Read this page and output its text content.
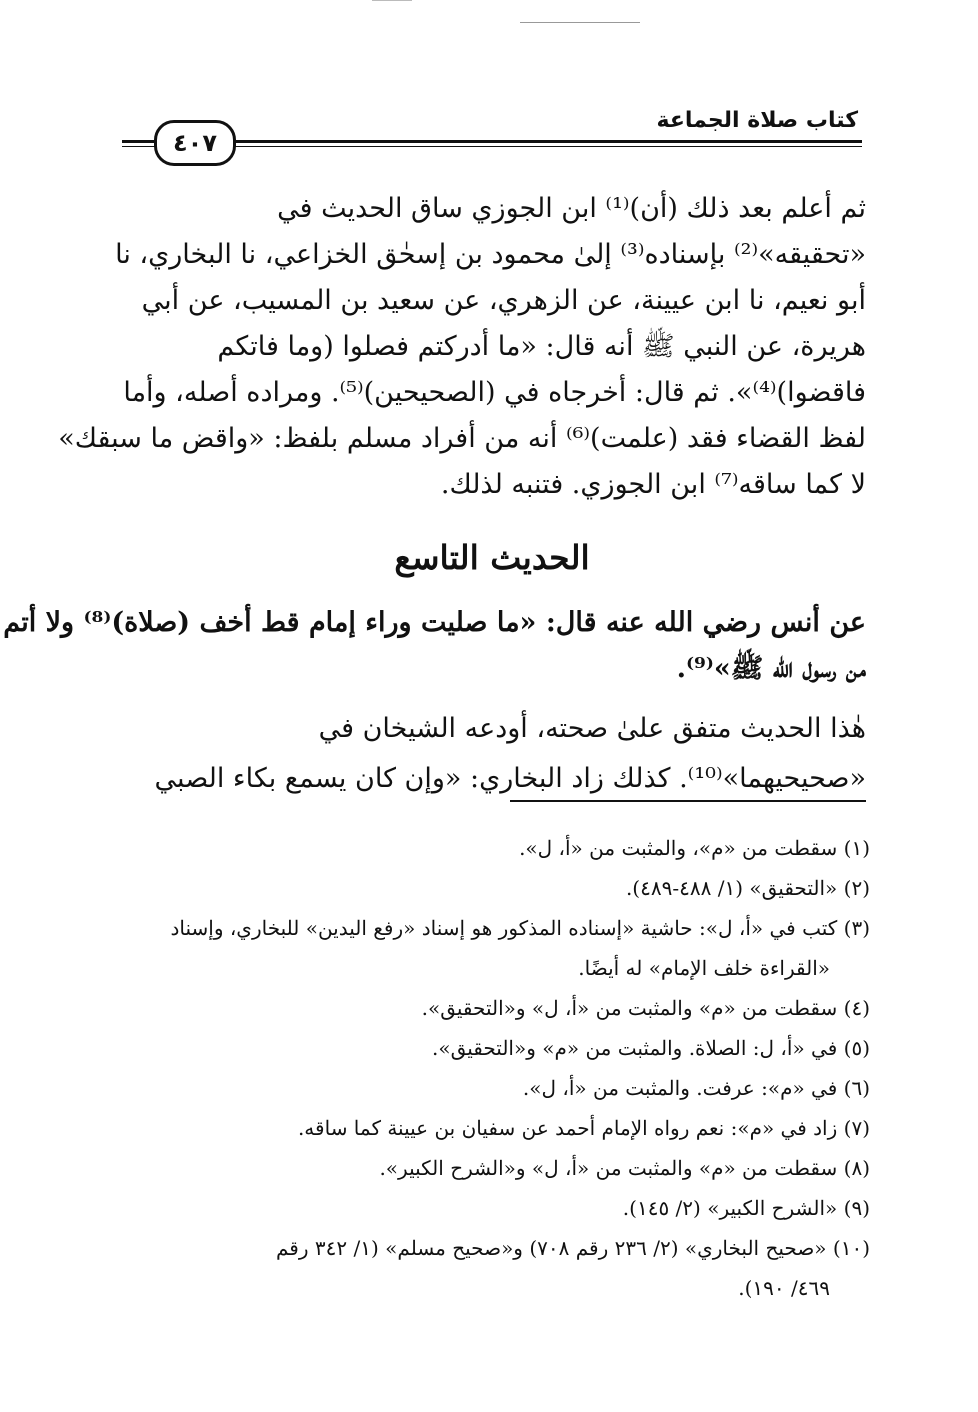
كتاب صلاة الجماعة
٤٠٧
ثم أعلم بعد ذلك (أن)⁽¹⁾ ابن الجوزي ساق الحديث في
«تحقيقه»⁽²⁾ بإسناده⁽³⁾ إلىٰ محمود بن إسحٰق الخزاعي، نا البخاري، نا
أبو نعيم، نا ابن عيينة، عن الزهري، عن سعيد بن المسيب، عن أبي
هريرة، عن النبي ﷺ أنه قال: «ما أدركتم فصلوا (وما فاتكم
فاقضوا)⁽⁴⁾». ثم قال: أخرجاه في (الصحيحين)⁽⁵⁾. ومراده أصله، وأما
لفظ القضاء فقد (علمت)⁽⁶⁾ أنه من أفراد مسلم بلفظ: «واقض ما سبقك»
لا كما ساقه⁽⁷⁾ ابن الجوزي. فتنبه لذلك.
الحديث التاسع
عن أنس رضي الله عنه قال: «ما صليت وراء إمام قط أخف (صلاة)⁽⁸⁾ ولا أتم
من رسول الله ﷺ»⁽⁹⁾.
هٰذا الحديث متفق علىٰ صحته، أودعه الشيخان في
«صحيحيهما»⁽¹⁰⁾. كذلك زاد البخاري: «وإن كان يسمع بكاء الصبي
(١) سقطت من «م»، والمثبت من «أ، ل».
(٢) «التحقيق» (١/ ٤٨٨-٤٨٩).
(٣) كتب في «أ، ل»: حاشية «إسناده المذكور هو إسناد «رفع اليدين» للبخاري، وإسناد
«القراءة خلف الإمام» له أيضًا.
(٤) سقطت من «م» والمثبت من «أ، ل» و«التحقيق».
(٥) في «أ، ل: الصلاة. والمثبت من «م» و«التحقيق».
(٦) في «م»: عرفت. والمثبت من «أ، ل».
(٧) زاد في «م»: نعم رواه الإمام أحمد عن سفيان بن عيينة كما ساقه.
(٨) سقطت من «م» والمثبت من «أ، ل» و«الشرح الكبير».
(٩) «الشرح الكبير» (٢/ ١٤٥).
(١٠) «صحيح البخاري» (٢/ ٢٣٦ رقم ٧٠٨) و«صحيح مسلم» (١/ ٣٤٢ رقم
٤٦٩/ ١٩٠).
